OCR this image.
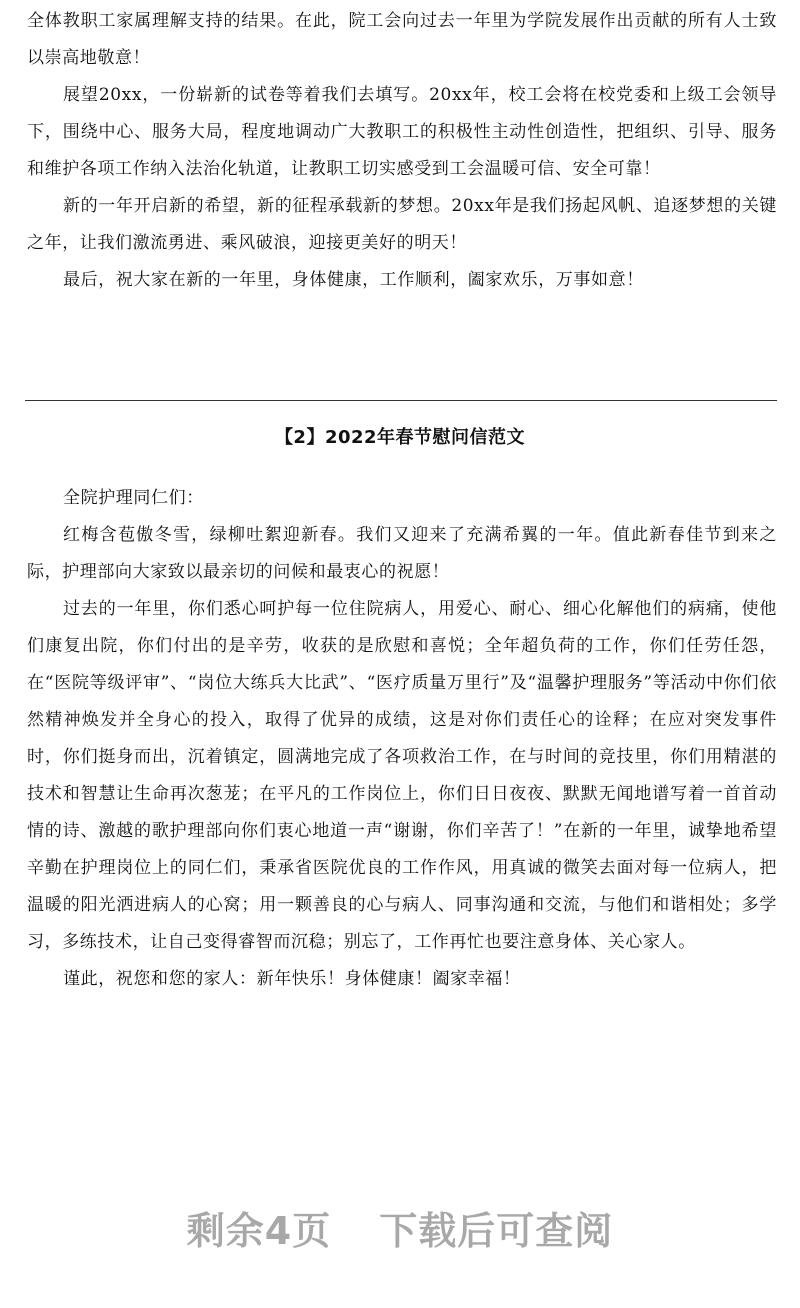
全体教职工家属理解支持的结果。在此，院工会向过去一年里为学院发展作出贡献的所有人士致以崇高地敬意！

展望20xx，一份崭新的试卷等着我们去填写。20xx年，校工会将在校党委和上级工会领导下，围绕中心、服务大局，程度地调动广大教职工的积极性主动性创造性，把组织、引导、服务和维护各项工作纳入法治化轨道，让教职工切实感受到工会温暖可信、安全可靠！

新的一年开启新的希望，新的征程承载新的梦想。20xx年是我们扬起风帆、追逐梦想的关键之年，让我们激流勇进、乘风破浪，迎接更美好的明天！

最后，祝大家在新的一年里，身体健康，工作顺利，阖家欢乐，万事如意！

【2】2022年春节慰问信范文

全院护理同仁们：

红梅含苞傲冬雪，绿柳吐絮迎新春。我们又迎来了充满希翼的一年。值此新春佳节到来之际，护理部向大家致以最亲切的问候和最衷心的祝愿！

过去的一年里，你们悉心呵护每一位住院病人，用爱心、耐心、细心化解他们的病痛，使他们康复出院，你们付出的是辛劳，收获的是欣慰和喜悦；全年超负荷的工作，你们任劳任怨，在“医院等级评审”、“岗位大练兵大比武”、“医疗质量万里行”及“温馨护理服务”等活动中你们依然精神焕发并全身心的投入，取得了优异的成绩，这是对你们责任心的诠释；在应对突发事件时，你们挺身而出，沉着镇定，圆满地完成了各项救治工作，在与时间的竞技里，你们用精湛的技术和智慧让生命再次葱茏；在平凡的工作岗位上，你们日日夜夜、默默无闻地谱写着一首首动情的诗、激越的歌护理部向你们衷心地道一声“谢谢，你们辛苦了！”在新的一年里，诚挚地希望辛勤在护理岗位上的同仁们，秉承省医院优良的工作作风，用真诚的微笑去面对每一位病人，把温暖的阳光洒进病人的心窝；用一颗善良的心与病人、同事沟通和交流，与他们和谐相处；多学习，多练技术，让自己变得睿智而沉稳；别忘了，工作再忙也要注意身体、关心家人。

谨此，祝您和您的家人：新年快乐！身体健康！阖家幸福！

剩余4页 下载后可查阅
